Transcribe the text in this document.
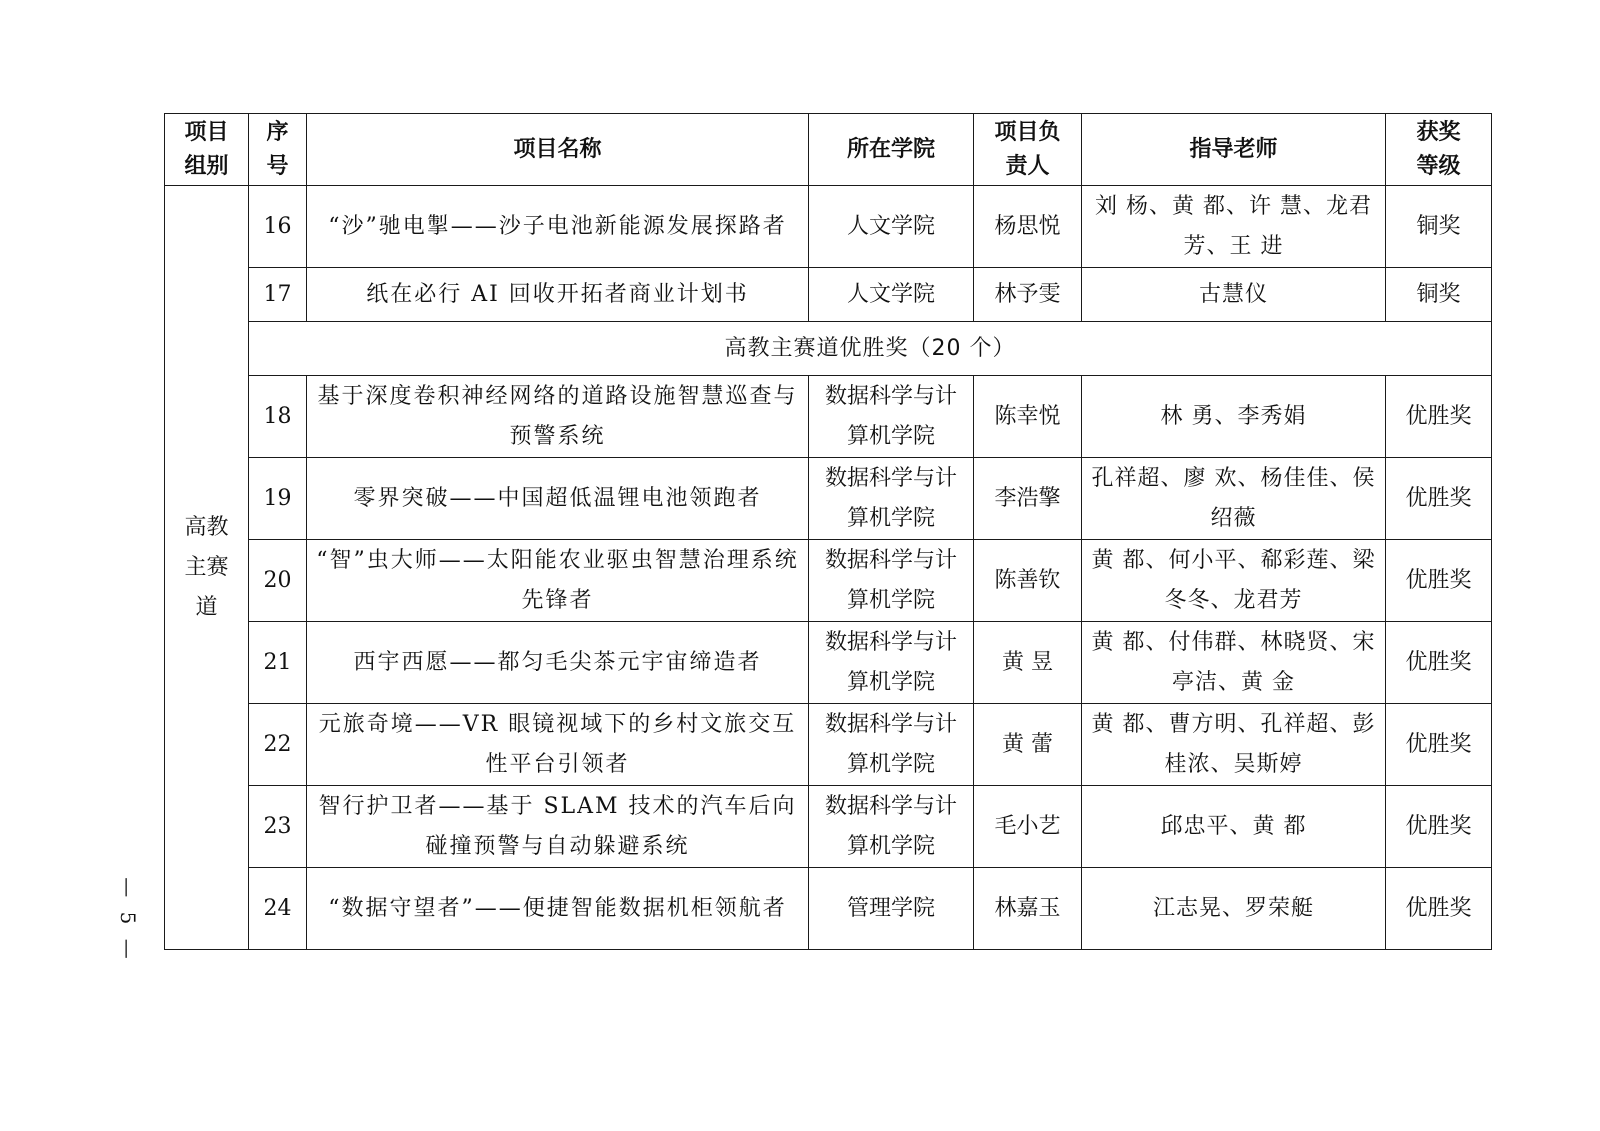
项目组别	序号	项目名称	所在学院	项目负责人	指导老师	获奖等级
高教主赛道	16	“沙”驰电掣——沙子电池新能源发展探路者	人文学院	杨思悦	刘 杨、黄 都、许 慧、龙君芳、王 进	铜奖
	17	纸在必行 AI 回收开拓者商业计划书	人文学院	林予雯	古慧仪	铜奖
	高教主赛道优胜奖（20 个）					
	18	基于深度卷积神经网络的道路设施智慧巡查与预警系统	数据科学与计算机学院	陈幸悦	林 勇、李秀娟	优胜奖
	19	零界突破——中国超低温锂电池领跑者	数据科学与计算机学院	李浩擎	孔祥超、廖 欢、杨佳佳、侯绍薇	优胜奖
	20	“智”虫大师——太阳能农业驱虫智慧治理系统先锋者	数据科学与计算机学院	陈善钦	黄 都、何小平、郗彩莲、梁冬冬、龙君芳	优胜奖
	21	西宇西愿——都匀毛尖茶元宇宙缔造者	数据科学与计算机学院	黄 昱	黄 都、付伟群、林晓贤、宋亭洁、黄 金	优胜奖
	22	元旅奇境——VR 眼镜视域下的乡村文旅交互性平台引领者	数据科学与计算机学院	黄 蕾	黄 都、曹方明、孔祥超、彭桂浓、吴斯婷	优胜奖
	23	智行护卫者——基于 SLAM 技术的汽车后向碰撞预警与自动躲避系统	数据科学与计算机学院	毛小艺	邱忠平、黄 都	优胜奖
	24	“数据守望者”——便捷智能数据机柜领航者	管理学院	林嘉玉	江志晃、罗荣艇	优胜奖
— 5 —
